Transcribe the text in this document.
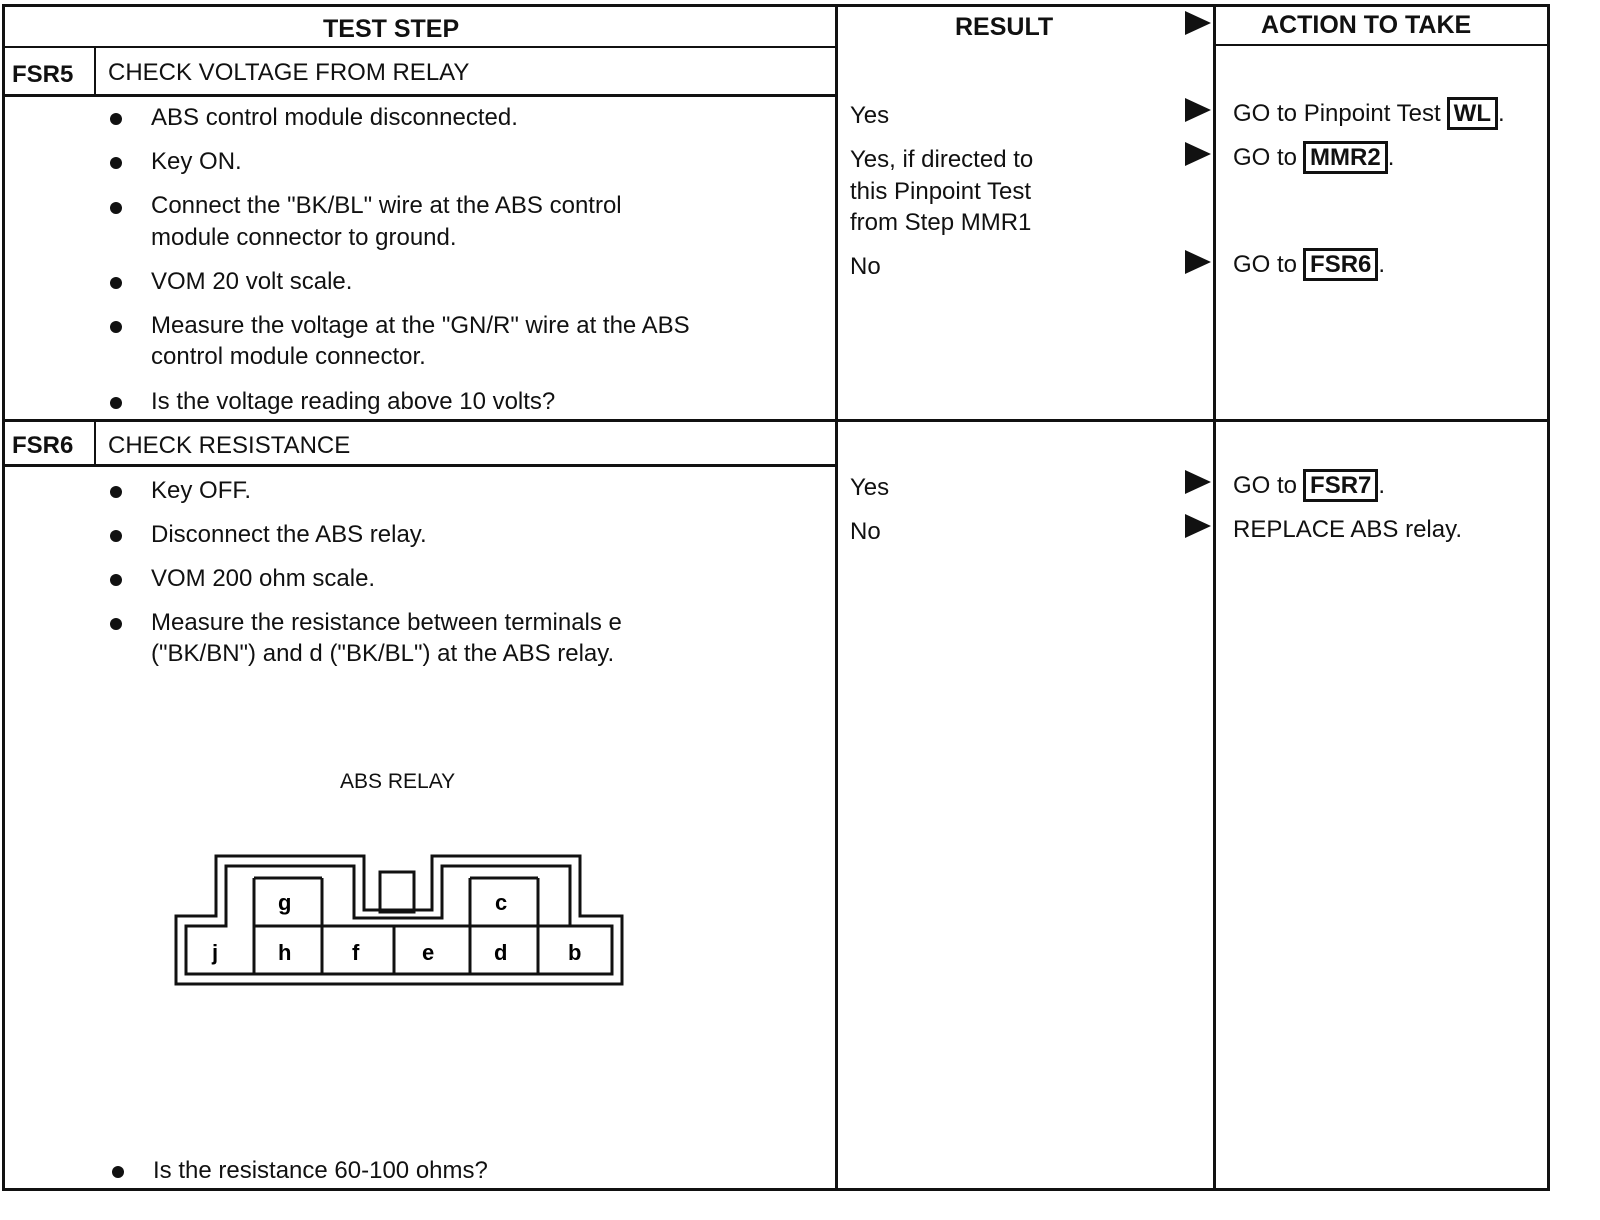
TEST STEP	RESULT	ACTION TO TAKE
FSR5 CHECK VOLTAGE FROM RELAY
ABS control module disconnected.
Key ON.
Connect the "BK/BL" wire at the ABS control
module connector to ground.
VOM 20 volt scale.
Measure the voltage at the "GN/R" wire at the ABS
control module connector.
Is the voltage reading above 10 volts?
Yes	GO to Pinpoint Test WL .
Yes, if directed to
this Pinpoint Test
from Step MMR1
GO to MMR2 .
No	GO to FSR6 .
FSR6 CHECK RESISTANCE
Key OFF.
Disconnect the ABS relay.
VOM 200 ohm scale.
Measure the resistance between terminals e
("BK/BN") and d ("BK/BL") at the ABS relay.
ABS RELAY
g	c
j	h	f	e	d	b
Is the resistance 60-100 ohms?
Yes	GO to FSR7 .
No	REPLACE ABS relay.
